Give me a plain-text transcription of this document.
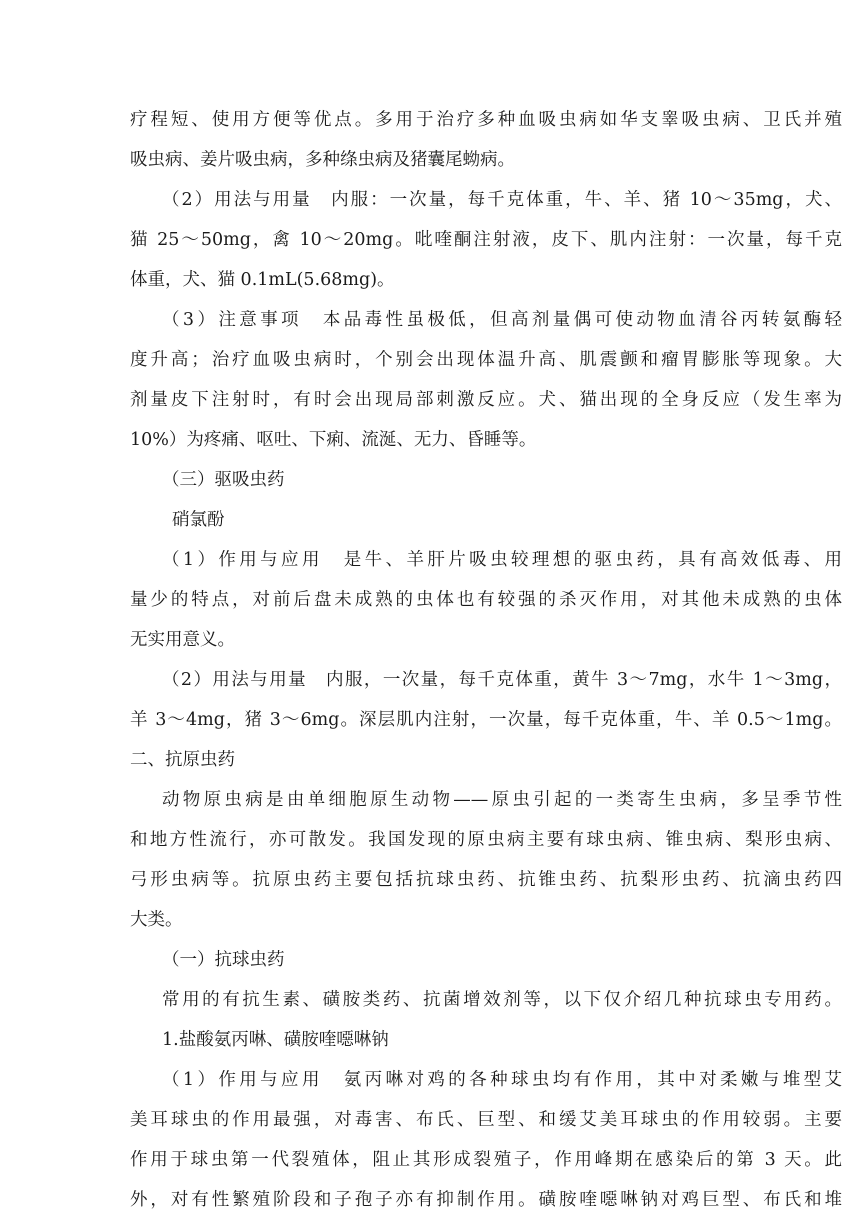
疗程短、使用方便等优点。多用于治疗多种血吸虫病如华支睾吸虫病、卫氏并殖
吸虫病、姜片吸虫病，多种绦虫病及猪囊尾蚴病。
（2）用法与用量　内服：一次量，每千克体重，牛、羊、猪 10～35mg，犬、
猫 25～50mg，禽 10～20mg。吡喹酮注射液，皮下、肌内注射：一次量，每千克
体重，犬、猫 0.1mL(5.68mg)。
（3）注意事项　本品毒性虽极低，但高剂量偶可使动物血清谷丙转氨酶轻
度升高；治疗血吸虫病时，个别会出现体温升高、肌震颤和瘤胃膨胀等现象。大
剂量皮下注射时，有时会出现局部刺激反应。犬、猫出现的全身反应（发生率为
10%）为疼痛、呕吐、下痢、流涎、无力、昏睡等。
（三）驱吸虫药
硝氯酚
（1）作用与应用　是牛、羊肝片吸虫较理想的驱虫药，具有高效低毒、用
量少的特点，对前后盘未成熟的虫体也有较强的杀灭作用，对其他未成熟的虫体
无实用意义。
（2）用法与用量　内服，一次量，每千克体重，黄牛 3～7mg，水牛 1～3mg，
羊 3～4mg，猪 3～6mg。深层肌内注射，一次量，每千克体重，牛、羊 0.5～1mg。
二、抗原虫药
动物原虫病是由单细胞原生动物——原虫引起的一类寄生虫病，多呈季节性
和地方性流行，亦可散发。我国发现的原虫病主要有球虫病、锥虫病、梨形虫病、
弓形虫病等。抗原虫药主要包括抗球虫药、抗锥虫药、抗梨形虫药、抗滴虫药四
大类。
（一）抗球虫药
常用的有抗生素、磺胺类药、抗菌增效剂等，以下仅介绍几种抗球虫专用药。
1.盐酸氨丙啉、磺胺喹噁啉钠
（1）作用与应用　氨丙啉对鸡的各种球虫均有作用，其中对柔嫩与堆型艾
美耳球虫的作用最强，对毒害、布氏、巨型、和缓艾美耳球虫的作用较弱。主要
作用于球虫第一代裂殖体，阻止其形成裂殖子，作用峰期在感染后的第 3 天。此
外，对有性繁殖阶段和子孢子亦有抑制作用。磺胺喹噁啉钠对鸡巨型、布氏和堆
